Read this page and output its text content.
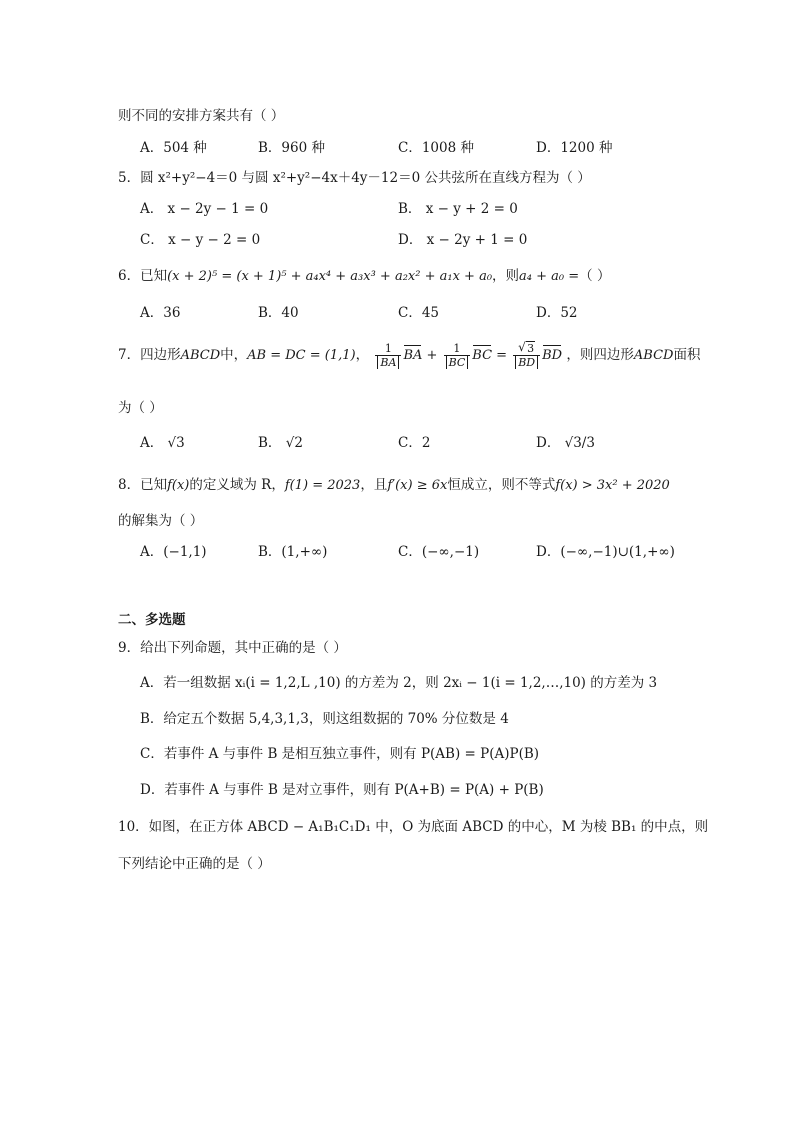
则不同的安排方案共有（ ）
A．504 种	B．960 种	C．1008 种	D．1200 种
5．圆 x²+y²−4＝0 与圆 x²+y²−4x＋4y－12＝0 公共弦所在直线方程为（ ）
A． x − 2y − 1 = 0	B． x − y + 2 = 0
C． x − y − 2 = 0	D． x − 2y + 1 = 0
6．已知(x + 2)⁵ = (x + 1)⁵ + a₄x⁴ + a₃x³ + a₂x² + a₁x + a₀，则a₄ + a₀ =（ ）
A．36	B．40	C．45	D．52
7．四边形ABCD中，AB = DC = (1,1)， $\frac{1}{BA}$ BA + $\frac{1}{BC}$ BC =
√ $\frac{3}{BD}$ BD ，则四边形ABCD面积
为（ ）
A． √3	B． √2	C．2	D． √3/3
8．已知f(x)的定义域为 R，f(1) = 2023，且f′(x) ≥ 6x恒成立，则不等式f(x) > 3x² + 2020
的解集为（ ）
A．(−1,1)	B．(1,+∞)	C．(−∞,−1)	D．(−∞,−1)∪(1,+∞)
二、多选题
9．给出下列命题，其中正确的是（ ）
A．若一组数据 xᵢ(i = 1,2,L ,10) 的方差为 2，则 2xᵢ − 1(i = 1,2,…,10) 的方差为 3
B．给定五个数据 5,4,3,1,3，则这组数据的 70% 分位数是 4
C．若事件 A 与事件 B 是相互独立事件，则有 P(AB) = P(A)P(B)
D．若事件 A 与事件 B 是对立事件，则有 P(A+B) = P(A) + P(B)
10．如图，在正方体 ABCD − A₁B₁C₁D₁ 中，O 为底面 ABCD 的中心，M 为棱 BB₁ 的中点，则
下列结论中正确的是（ ）
